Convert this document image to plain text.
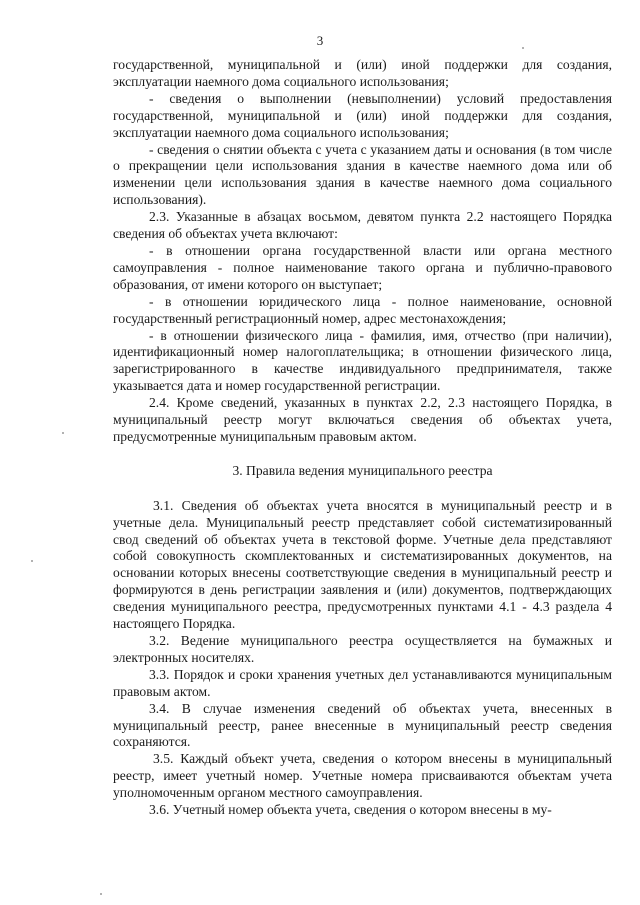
3

государственной, муниципальной и (или) иной поддержки для создания, эксплуатации наемного дома социального использования;

- сведения о выполнении (невыполнении) условий предоставления государственной, муниципальной и (или) иной поддержки для создания, эксплуатации наемного дома социального использования;

- сведения о снятии объекта с учета с указанием даты и основания (в том числе о прекращении цели использования здания в качестве наемного дома или об изменении цели использования здания в качестве наемного дома социального использования).

2.3. Указанные в абзацах восьмом, девятом пункта 2.2 настоящего Порядка сведения об объектах учета включают:

- в отношении органа государственной власти или органа местного самоуправления - полное наименование такого органа и публично-правового образования, от имени которого он выступает;

- в отношении юридического лица - полное наименование, основной государственный регистрационный номер, адрес местонахождения;

- в отношении физического лица - фамилия, имя, отчество (при наличии), идентификационный номер налогоплательщика; в отношении физического лица, зарегистрированного в качестве индивидуального предпринимателя, также указывается дата и номер государственной регистрации.

2.4. Кроме сведений, указанных в пунктах 2.2, 2.3 настоящего Порядка, в муниципальный реестр могут включаться сведения об объектах учета, предусмотренные муниципальным правовым актом.

3. Правила ведения муниципального реестра

3.1. Сведения об объектах учета вносятся в муниципальный реестр и в учетные дела. Муниципальный реестр представляет собой систематизированный свод сведений об объектах учета в текстовой форме. Учетные дела представляют собой совокупность скомплектованных и систематизированных документов, на основании которых внесены соответствующие сведения в муниципальный реестр и формируются в день регистрации заявления и (или) документов, подтверждающих сведения муниципального реестра, предусмотренных пунктами 4.1 - 4.3 раздела 4 настоящего Порядка.

3.2. Ведение муниципального реестра осуществляется на бумажных и электронных носителях.

3.3. Порядок и сроки хранения учетных дел устанавливаются муниципальным правовым актом.

3.4. В случае изменения сведений об объектах учета, внесенных в муниципальный реестр, ранее внесенные в муниципальный реестр сведения сохраняются.

3.5. Каждый объект учета, сведения о котором внесены в муниципальный реестр, имеет учетный номер. Учетные номера присваиваются объектам учета уполномоченным органом местного самоуправления.

3.6. Учетный номер объекта учета, сведения о котором внесены в му-
